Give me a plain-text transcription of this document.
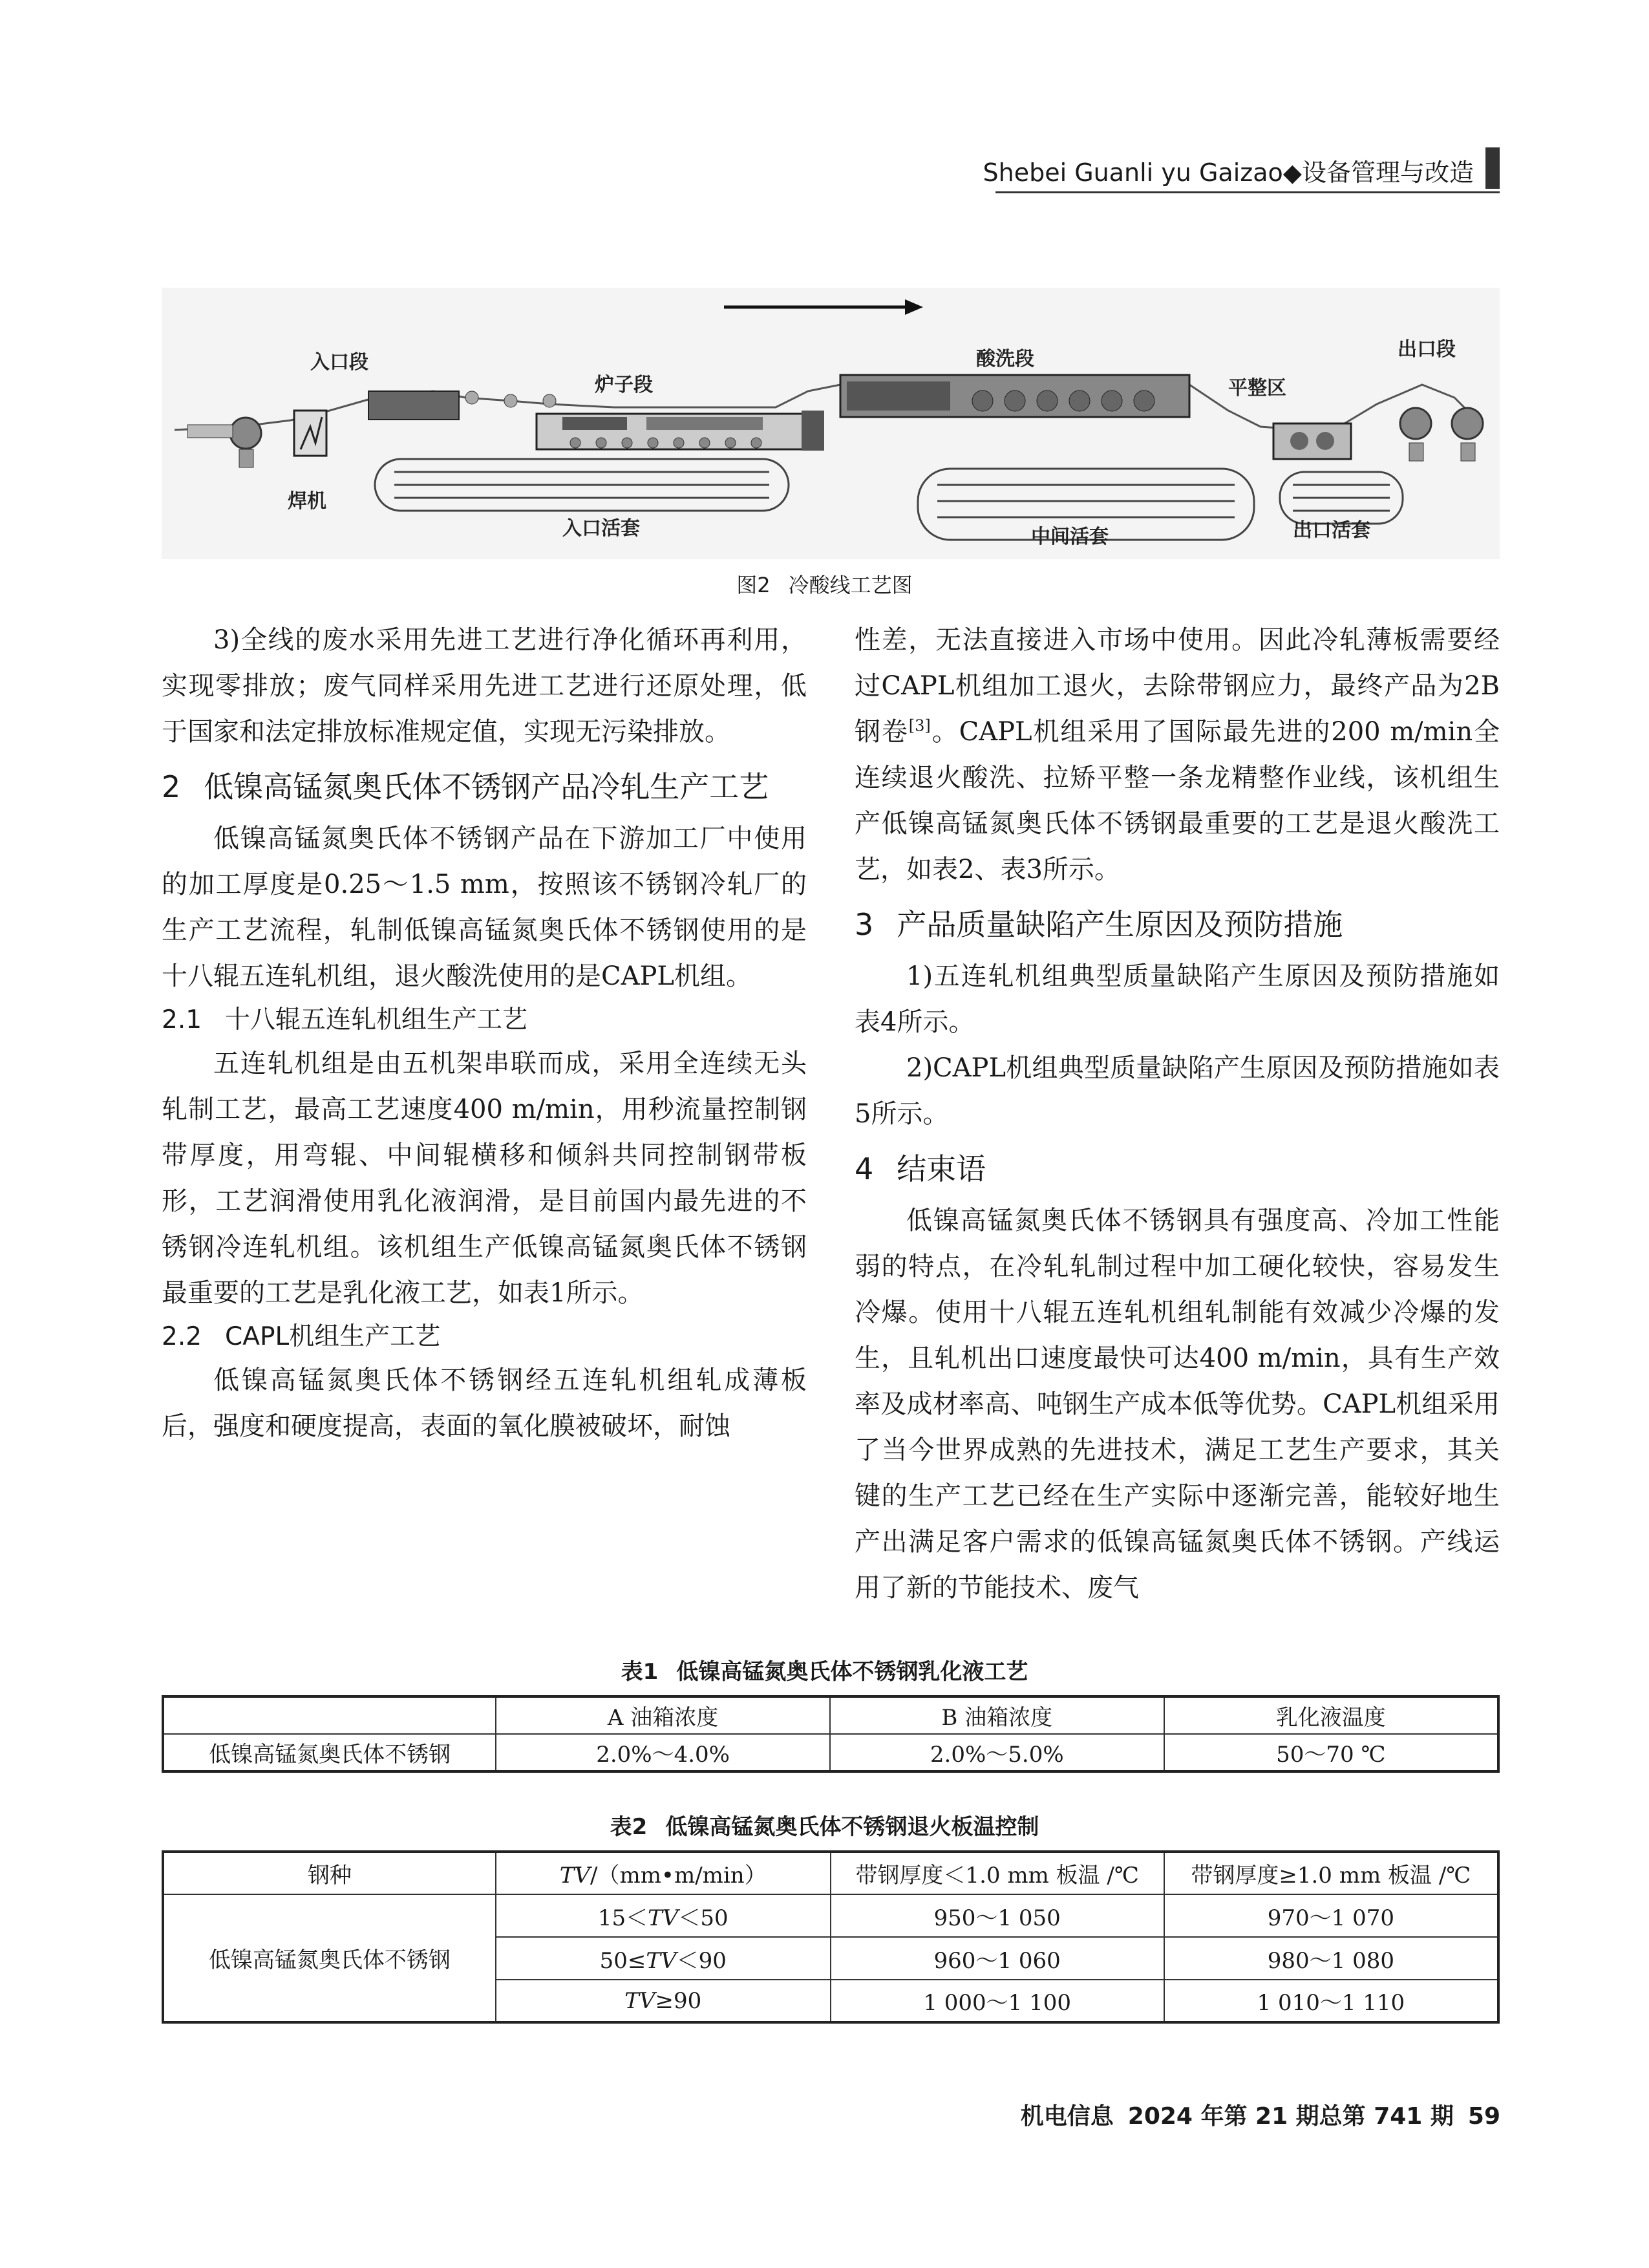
Shebei Guanli yu Gaizao◆设备管理与改造
入口段
焊机
炉子段
入口活套
酸洗段
中间活套
平整区
出口段
出口活套
图2 冷酸线工艺图

3)全线的废水采用先进工艺进行净化循环再利用，实现零排放；废气同样采用先进工艺进行还原处理，低于国家和法定排放标准规定值，实现无污染排放。

2 低镍高锰氮奥氏体不锈钢产品冷轧生产工艺

低镍高锰氮奥氏体不锈钢产品在下游加工厂中使用的加工厚度是0.25～1.5 mm，按照该不锈钢冷轧厂的生产工艺流程，轧制低镍高锰氮奥氏体不锈钢使用的是十八辊五连轧机组，退火酸洗使用的是CAPL机组。

2.1 十八辊五连轧机组生产工艺

五连轧机组是由五机架串联而成，采用全连续无头轧制工艺，最高工艺速度400 m/min，用秒流量控制钢带厚度，用弯辊、中间辊横移和倾斜共同控制钢带板形，工艺润滑使用乳化液润滑，是目前国内最先进的不锈钢冷连轧机组。该机组生产低镍高锰氮奥氏体不锈钢最重要的工艺是乳化液工艺，如表1所示。

2.2 CAPL机组生产工艺

低镍高锰氮奥氏体不锈钢经五连轧机组轧成薄板后，强度和硬度提高，表面的氧化膜被破坏，耐蚀

性差，无法直接进入市场中使用。因此冷轧薄板需要经过CAPL机组加工退火，去除带钢应力，最终产品为2B钢卷[3]。CAPL机组采用了国际最先进的200 m/min全连续退火酸洗、拉矫平整一条龙精整作业线，该机组生产低镍高锰氮奥氏体不锈钢最重要的工艺是退火酸洗工艺，如表2、表3所示。

3 产品质量缺陷产生原因及预防措施

1)五连轧机组典型质量缺陷产生原因及预防措施如表4所示。

2)CAPL机组典型质量缺陷产生原因及预防措施如表5所示。

4 结束语

低镍高锰氮奥氏体不锈钢具有强度高、冷加工性能弱的特点，在冷轧轧制过程中加工硬化较快，容易发生冷爆。使用十八辊五连轧机组轧制能有效减少冷爆的发生，且轧机出口速度最快可达400 m/min，具有生产效率及成材率高、吨钢生产成本低等优势。CAPL机组采用了当今世界成熟的先进技术，满足工艺生产要求，其关键的生产工艺已经在生产实际中逐渐完善，能较好地生产出满足客户需求的低镍高锰氮奥氏体不锈钢。产线运用了新的节能技术、废气

表1 低镍高锰氮奥氏体不锈钢乳化液工艺
	A 油箱浓度	B 油箱浓度	乳化液温度
低镍高锰氮奥氏体不锈钢	2.0%～4.0%	2.0%～5.0%	50～70 ℃
表2 低镍高锰氮奥氏体不锈钢退火板温控制
钢种	TV/（mm•m/min）	带钢厚度＜1.0 mm 板温 /℃	带钢厚度≥1.0 mm 板温 /℃
低镍高锰氮奥氏体不锈钢	15＜TV＜50	950～1 050	970～1 070
	50≤TV＜90	960～1 060	980～1 080
	TV≥90	1 000～1 100	1 010～1 110
机电信息 2024 年第 21 期总第 741 期 59
